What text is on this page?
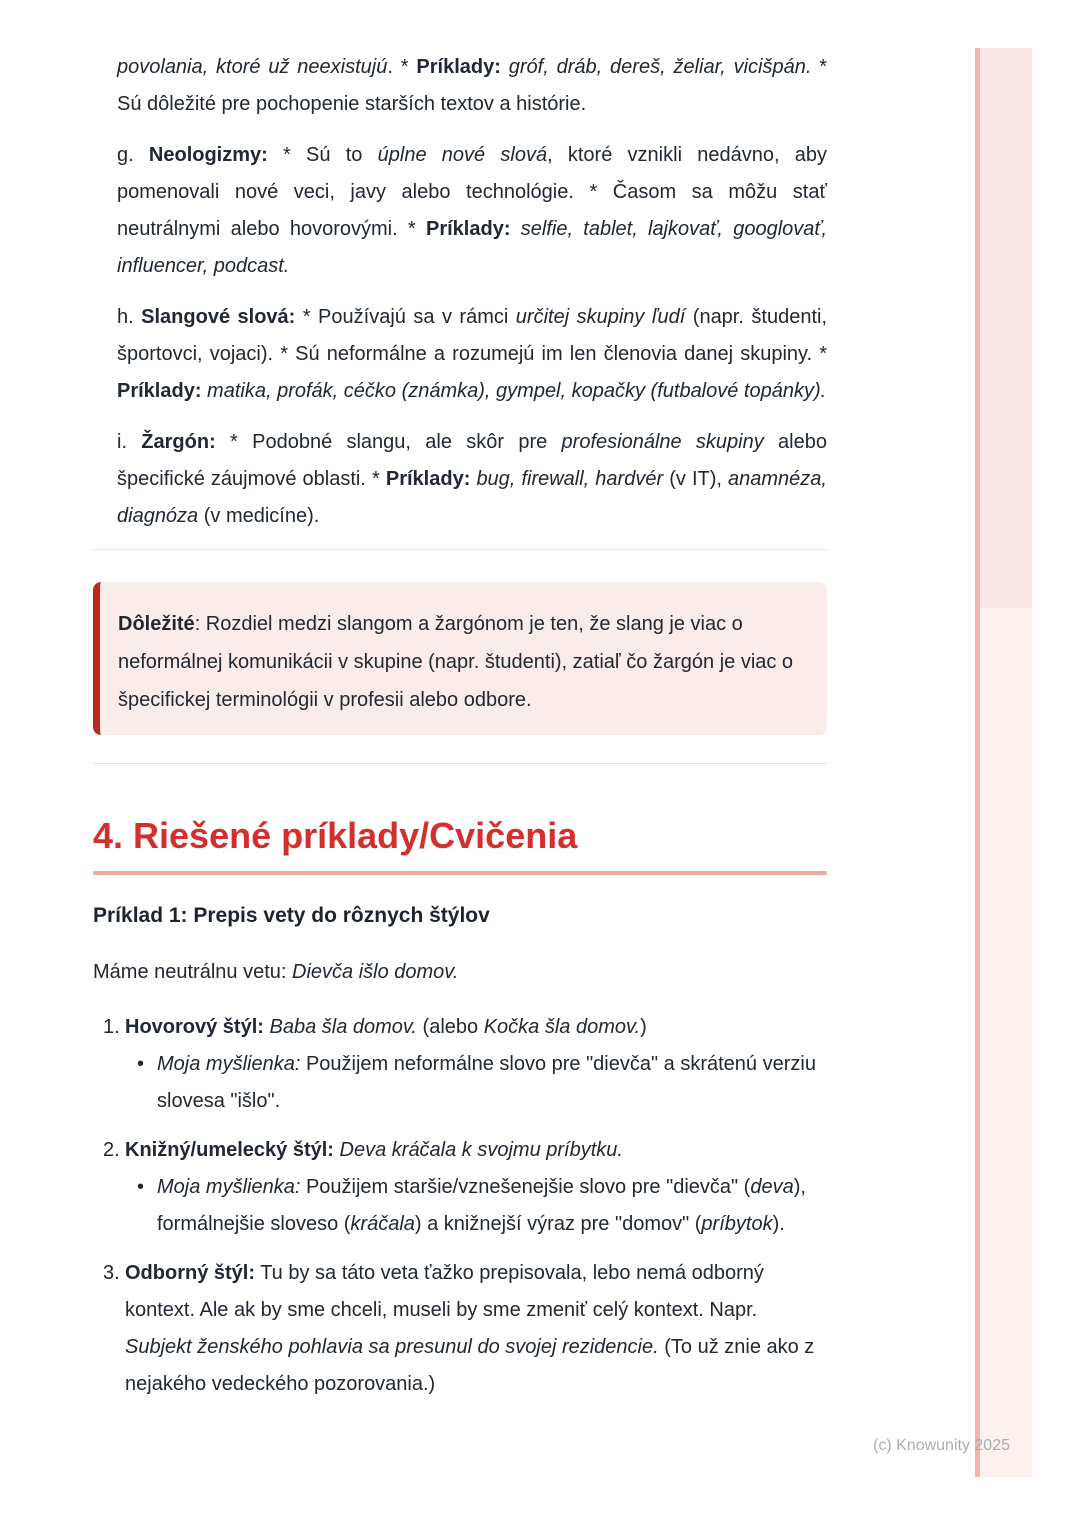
povolania, ktoré už neexistujú. * Príklady: gróf, dráb, dereš, želiar, vicišpán. * Sú dôležité pre pochopenie starších textov a histórie.

g. Neologizmy: * Sú to úplne nové slová, ktoré vznikli nedávno, aby pomenovali nové veci, javy alebo technológie. * Časom sa môžu stať neutrálnymi alebo hovorovými. * Príklady: selfie, tablet, lajkovať, googlovať, influencer, podcast.

h. Slangové slová: * Používajú sa v rámci určitej skupiny ľudí (napr. študenti, športovci, vojaci). * Sú neformálne a rozumejú im len členovia danej skupiny. * Príklady: matika, profák, céčko (známka), gympel, kopačky (futbalové topánky).

i. Žargón: * Podobné slangu, ale skôr pre profesionálne skupiny alebo špecifické záujmové oblasti. * Príklady: bug, firewall, hardvér (v IT), anamnéza, diagnóza (v medicíne).

Dôležité: Rozdiel medzi slangom a žargónom je ten, že slang je viac o neformálnej komunikácii v skupine (napr. študenti), zatiaľ čo žargón je viac o špecifickej terminológii v profesii alebo odbore.

4. Riešené príklady/Cvičenia
Príklad 1: Prepis vety do rôznych štýlov

Máme neutrálnu vetu: Dievča išlo domov.

1. Hovorový štýl: Baba šla domov. (alebo Kočka šla domov.)

• Moja myšlienka: Použijem neformálne slovo pre "dievča" a skrátenú verziu slovesa "išlo".

2. Knižný/umelecký štýl: Deva kráčala k svojmu príbytku.

• Moja myšlienka: Použijem staršie/vznešenejšie slovo pre "dievča" (deva), formálnejšie sloveso (kráčala) a knižnejší výraz pre "domov" (príbytok).

3. Odborný štýl: Tu by sa táto veta ťažko prepisovala, lebo nemá odborný kontext. Ale ak by sme chceli, museli by sme zmeniť celý kontext. Napr. Subjekt ženského pohlavia sa presunul do svojej rezidencie. (To už znie ako z nejakého vedeckého pozorovania.)

(c) Knowunity 2025
